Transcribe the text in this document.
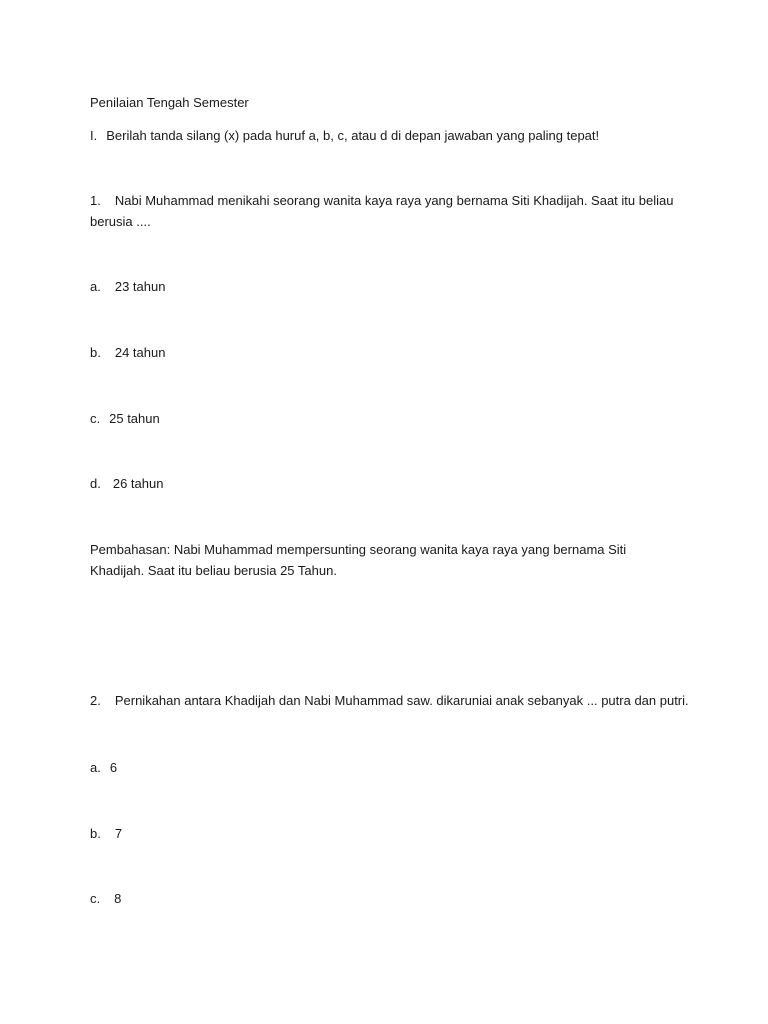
Penilaian Tengah Semester
I. Berilah tanda silang (x) pada huruf a, b, c, atau d di depan jawaban yang paling tepat!
1. Nabi Muhammad menikahi seorang wanita kaya raya yang bernama Siti Khadijah. Saat itu beliau berusia ....
a. 23 tahun
b. 24 tahun
c. 25 tahun
d. 26 tahun
Pembahasan: Nabi Muhammad mempersunting seorang wanita kaya raya yang bernama Siti Khadijah. Saat itu beliau berusia 25 Tahun.
2. Pernikahan antara Khadijah dan Nabi Muhammad saw. dikaruniai anak sebanyak ... putra dan putri.
a. 6
b. 7
c. 8
